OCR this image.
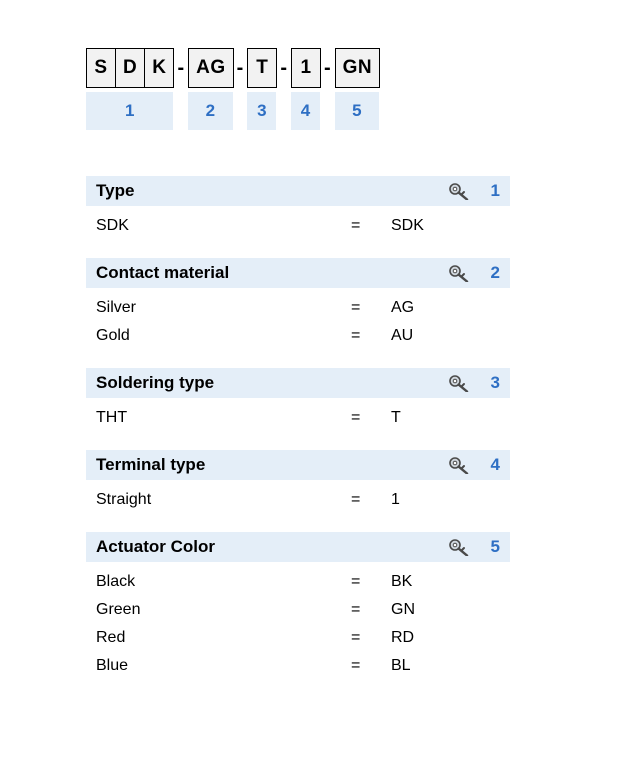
S D K
1
- AG
2
- T
3
- 1
4
- GN
5
Type	1
SDK	=	SDK
Contact material	2
Silver	=	AG
Gold	=	AU
Soldering type	3
THT	=	T
Terminal type	4
Straight	=	1
Actuator Color	5
Black	=	BK
Green	=	GN
Red	=	RD
Blue	=	BL
